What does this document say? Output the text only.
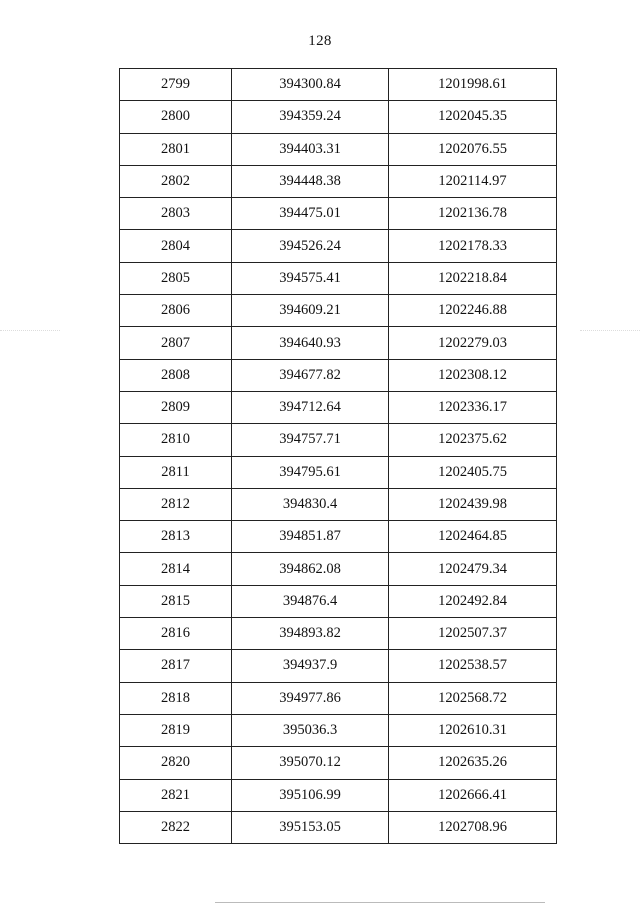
128
2799	394300.84	1201998.61
2800	394359.24	1202045.35
2801	394403.31	1202076.55
2802	394448.38	1202114.97
2803	394475.01	1202136.78
2804	394526.24	1202178.33
2805	394575.41	1202218.84
2806	394609.21	1202246.88
2807	394640.93	1202279.03
2808	394677.82	1202308.12
2809	394712.64	1202336.17
2810	394757.71	1202375.62
2811	394795.61	1202405.75
2812	394830.4	1202439.98
2813	394851.87	1202464.85
2814	394862.08	1202479.34
2815	394876.4	1202492.84
2816	394893.82	1202507.37
2817	394937.9	1202538.57
2818	394977.86	1202568.72
2819	395036.3	1202610.31
2820	395070.12	1202635.26
2821	395106.99	1202666.41
2822	395153.05	1202708.96
